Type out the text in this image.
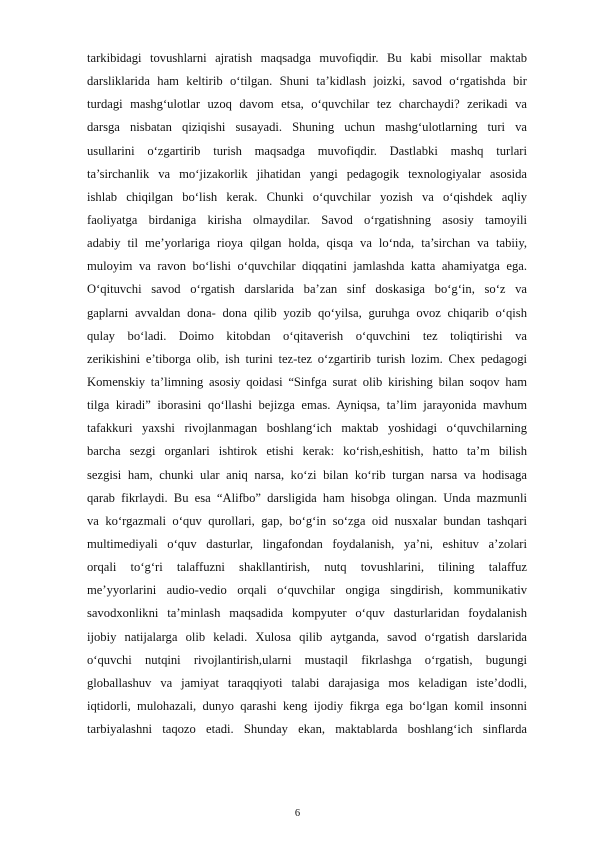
tarkibidagi tovushlarni ajratish maqsadga muvofiqdir. Bu kabi misollar maktab
darsliklarida ham keltirib o‘tilgan. Shuni ta’kidlash joizki, savod o‘rgatishda bir
turdagi mashg‘ulotlar uzoq davom etsa, o‘quvchilar tez charchaydi? zerikadi va
darsga nisbatan qiziqishi susayadi. Shuning uchun mashg‘ulotlarning turi va
usullarini o‘zgartirib turish maqsadga muvofiqdir. Dastlabki mashq turlari
ta’sirchanlik va mo‘jizakorlik jihatidan yangi pedagogik texnologiyalar asosida
ishlab chiqilgan bo‘lish kerak. Chunki o‘quvchilar yozish va o‘qishdek aqliy
faoliyatga birdaniga kirisha olmaydilar. Savod o‘rgatishning asosiy tamoyili
adabiy til me’yorlariga rioya qilgan holda, qisqa va lo‘nda, ta’sirchan va tabiiy,
muloyim va ravon bo‘lishi o‘quvchilar diqqatini jamlashda katta ahamiyatga ega.
O‘qituvchi savod o‘rgatish darslarida ba’zan sinf doskasiga bo‘g‘in, so‘z va
gaplarni avvaldan dona- dona qilib yozib qo‘yilsa, guruhga ovoz chiqarib o‘qish
qulay bo‘ladi. Doimo kitobdan o‘qitaverish o‘quvchini tez toliqtirishi va
zerikishini e’tiborga olib, ish turini tez-tez o‘zgartirib turish lozim. Chex pedagogi
Komenskiy ta’limning asosiy qoidasi “Sinfga surat olib kirishing bilan soqov ham
tilga kiradi” iborasini qo‘llashi bejizga emas. Ayniqsa, ta’lim jarayonida mavhum
tafakkuri yaxshi rivojlanmagan boshlang‘ich maktab yoshidagi o‘quvchilarning
barcha sezgi organlari ishtirok etishi kerak: ko‘rish,eshitish, hatto ta’m bilish
sezgisi ham, chunki ular aniq narsa, ko‘zi bilan ko‘rib turgan narsa va hodisaga
qarab fikrlaydi. Bu esa “Alifbo” darsligida ham hisobga olingan. Unda mazmunli
va ko‘rgazmali o‘quv qurollari, gap, bo‘g‘in so‘zga oid nusxalar bundan tashqari
multimediyali o‘quv dasturlar, lingafondan foydalanish, ya’ni, eshituv a’zolari
orqali to‘g‘ri talaffuzni shakllantirish, nutq tovushlarini, tilining talaffuz
me’yyorlarini audio-vedio orqali o‘quvchilar ongiga singdirish, kommunikativ
savodxonlikni ta’minlash maqsadida kompyuter o‘quv dasturlaridan foydalanish
ijobiy natijalarga olib keladi. Xulosa qilib aytganda, savod o‘rgatish darslarida
o‘quvchi nutqini rivojlantirish,ularni mustaqil fikrlashga o‘rgatish, bugungi
globallashuv va jamiyat taraqqiyoti talabi darajasiga mos keladigan iste’dodli,
iqtidorli, mulohazali, dunyo qarashi keng ijodiy fikrga ega bo‘lgan komil insonni
tarbiyalashni taqozo etadi. Shunday ekan, maktablarda boshlang‘ich sinflarda
6
